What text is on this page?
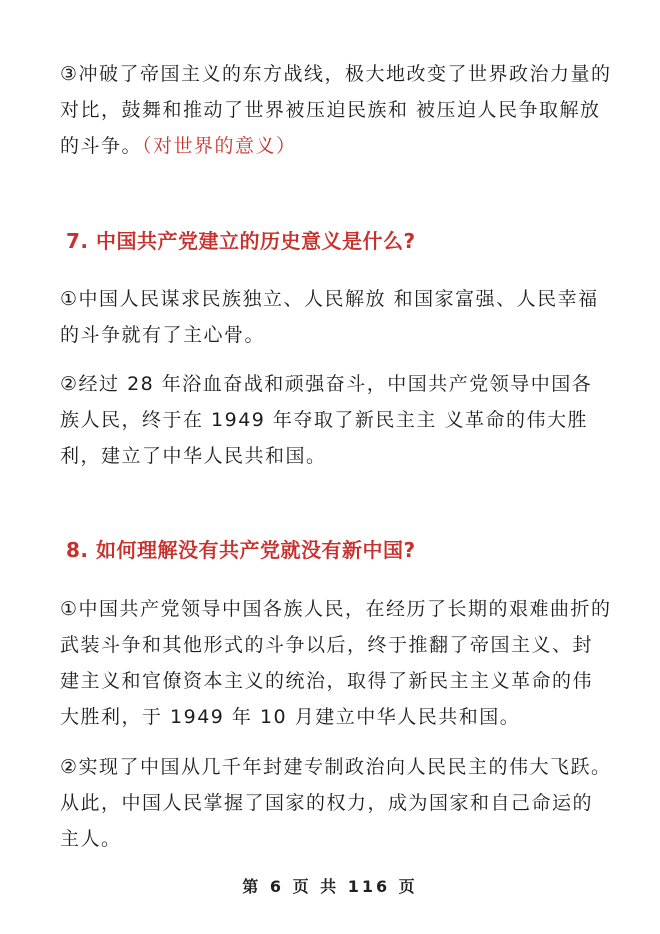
③冲破了帝国主义的东方战线，极大地改变了世界政治力量的对比，鼓舞和推动了世界被压迫民族和 被压迫人民争取解放的斗争。（对世界的意义）

7. 中国共产党建立的历史意义是什么?

①中国人民谋求民族独立、人民解放 和国家富强、人民幸福的斗争就有了主心骨。

②经过 28 年浴血奋战和顽强奋斗，中国共产党领导中国各族人民，终于在 1949 年夺取了新民主主 义革命的伟大胜利，建立了中华人民共和国。

8. 如何理解没有共产党就没有新中国?

①中国共产党领导中国各族人民，在经历了长期的艰难曲折的武装斗争和其他形式的斗争以后，终于推翻了帝国主义、封建主义和官僚资本主义的统治，取得了新民主主义革命的伟大胜利，于 1949 年 10 月建立中华人民共和国。

②实现了中国从几千年封建专制政治向人民民主的伟大飞跃。从此，中国人民掌握了国家的权力，成为国家和自己命运的主人。

第 6 页 共 116 页
